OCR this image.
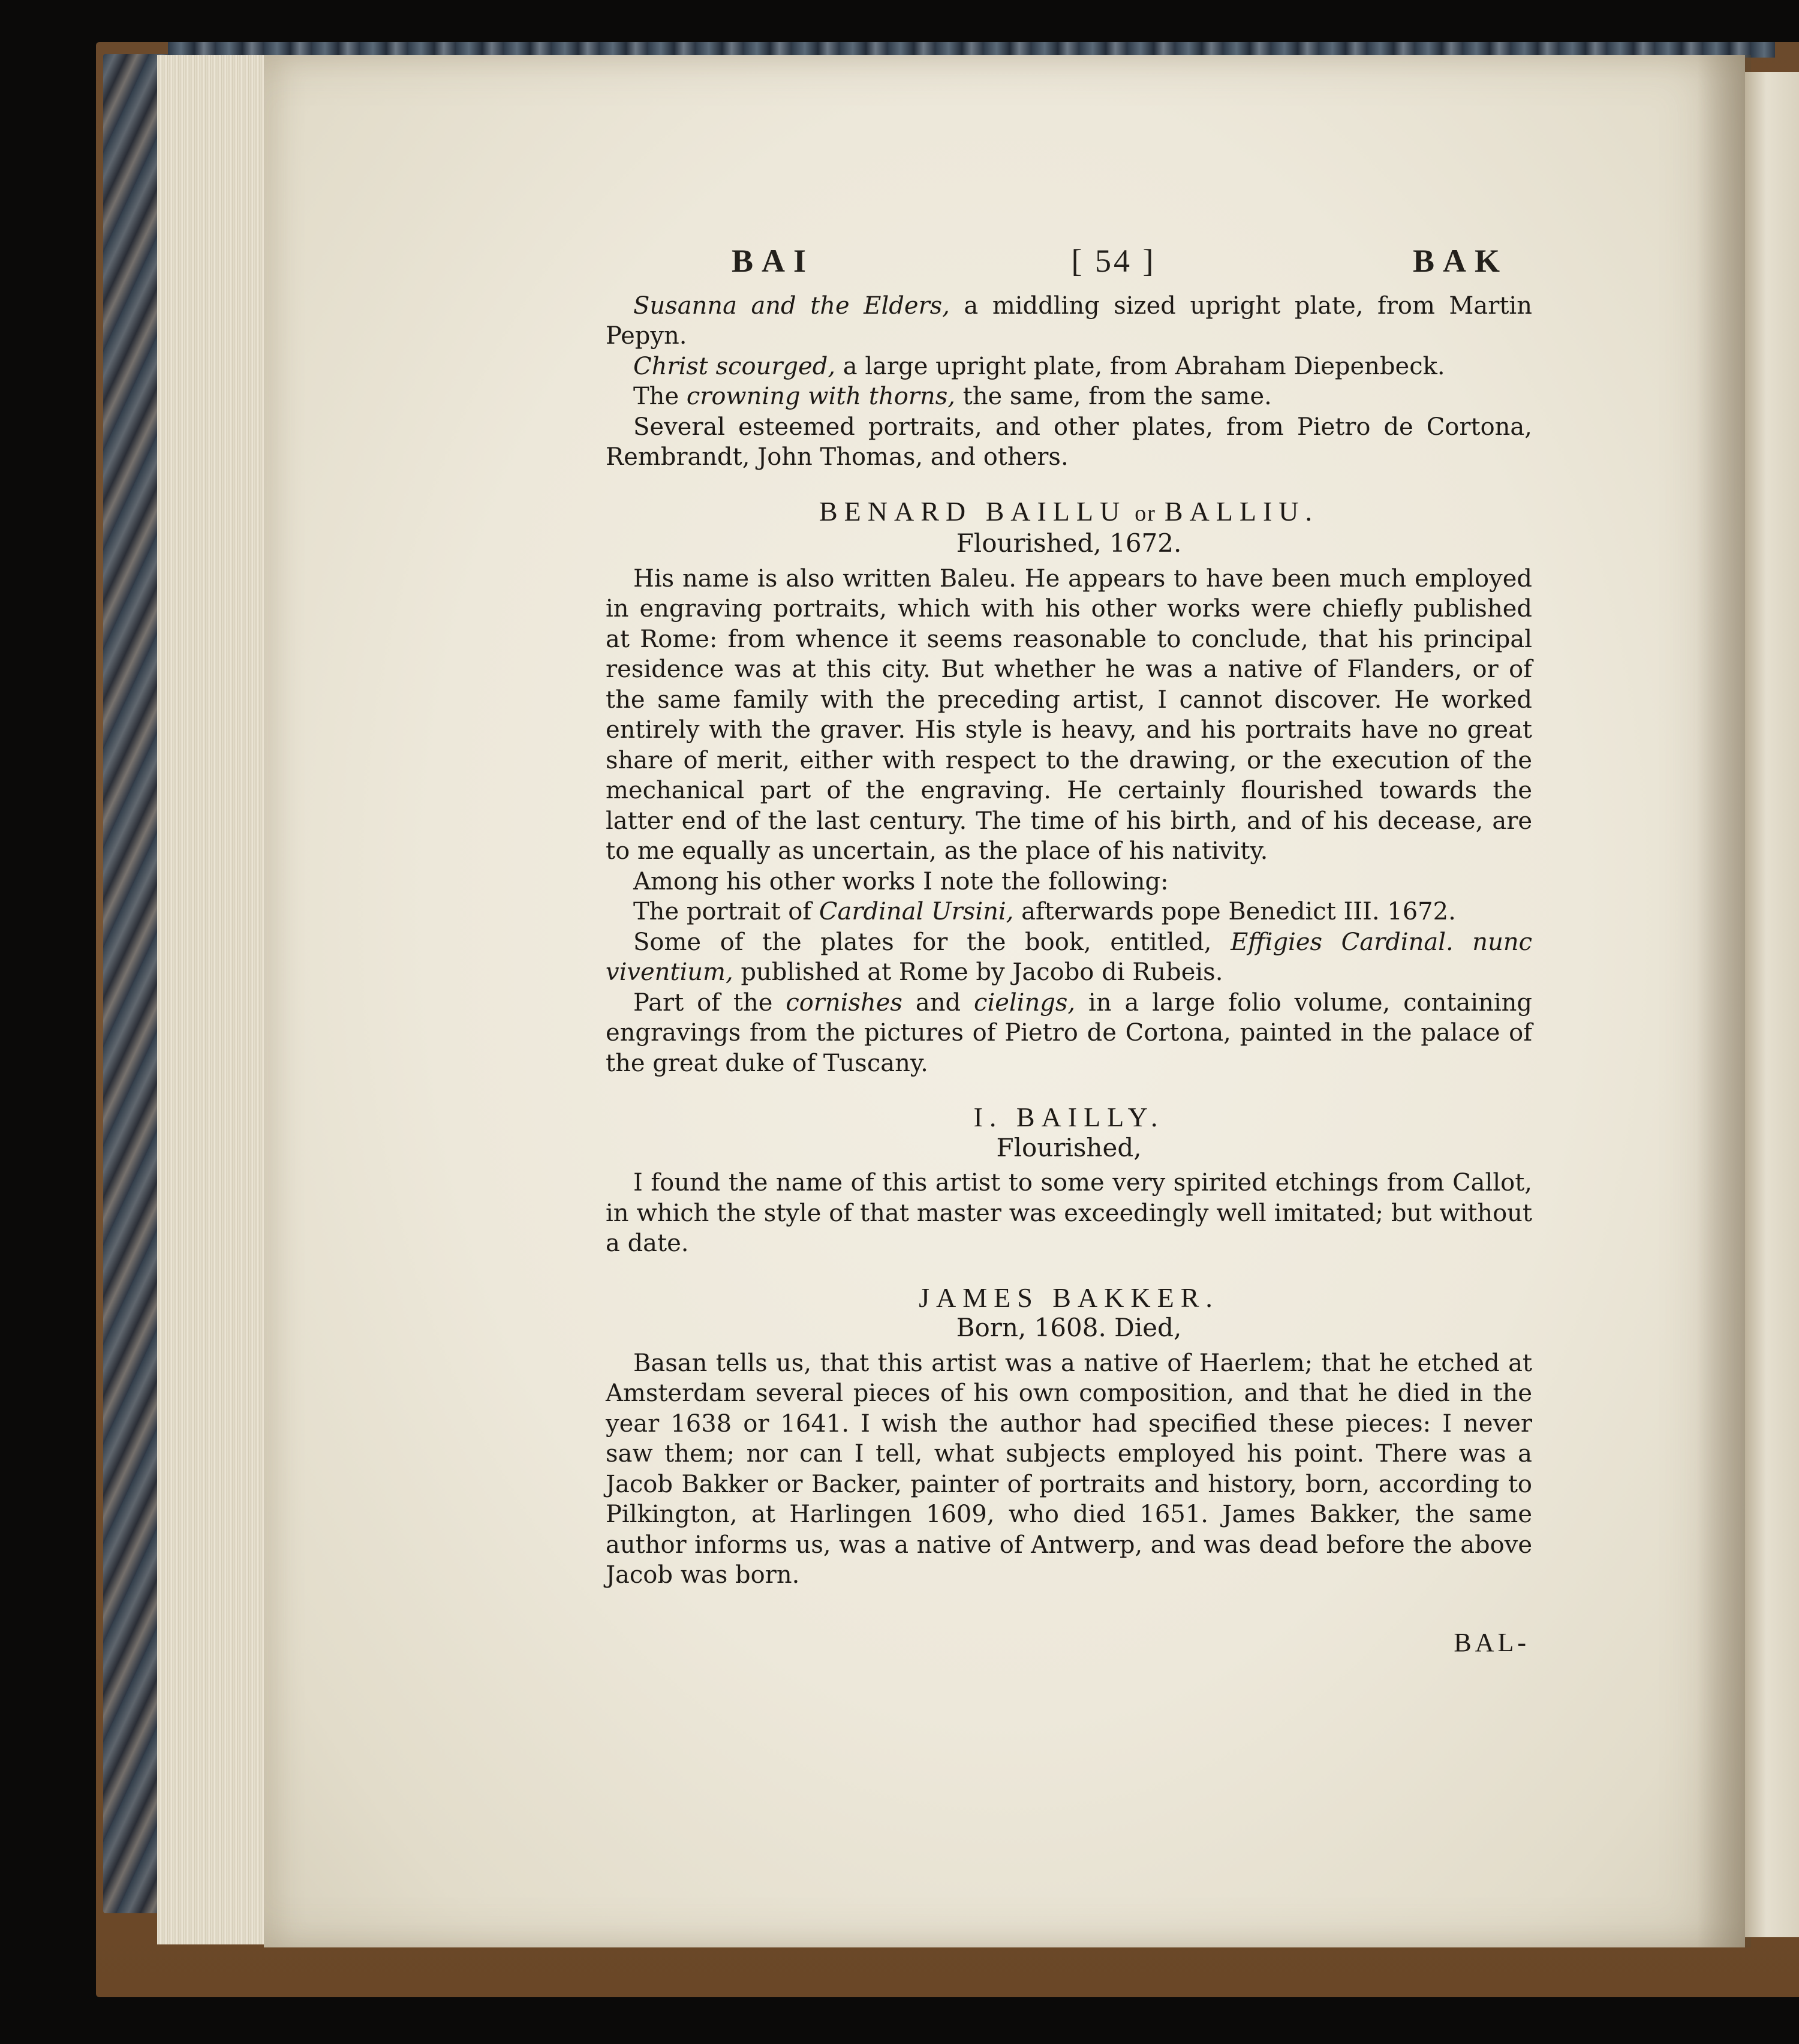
BAI	[ 54 ]	BAK

Susanna and the Elders, a middling sized upright plate, from Martin Pepyn.

Christ scourged, a large upright plate, from Abraham Diepenbeck.

The crowning with thorns, the same, from the same.

Several esteemed portraits, and other plates, from Pietro de Cortona, Rembrandt, John Thomas, and others.

BENARD BAILLU or BALLIU.
Flourished, 1672.

His name is also written Baleu. He appears to have been much employed in engraving portraits, which with his other works were chiefly published at Rome: from whence it seems reasonable to conclude, that his principal residence was at this city. But whether he was a native of Flanders, or of the same family with the preceding artist, I cannot discover. He worked entirely with the graver. His style is heavy, and his portraits have no great share of merit, either with respect to the drawing, or the execution of the mechanical part of the engraving. He certainly flourished towards the latter end of the last century. The time of his birth, and of his decease, are to me equally as uncertain, as the place of his nativity.

Among his other works I note the following:

The portrait of Cardinal Ursini, afterwards pope Benedict III. 1672.

Some of the plates for the book, entitled, Effigies Cardinal. nunc viventium, published at Rome by Jacobo di Rubeis.

Part of the cornishes and cielings, in a large folio volume, containing engravings from the pictures of Pietro de Cortona, painted in the palace of the great duke of Tuscany.

I. BAILLY.
Flourished,

I found the name of this artist to some very spirited etchings from Callot, in which the style of that master was exceedingly well imitated; but without a date.

JAMES BAKKER.
Born, 1608. Died,

Basan tells us, that this artist was a native of Haerlem; that he etched at Amsterdam several pieces of his own composition, and that he died in the year 1638 or 1641. I wish the author had specified these pieces: I never saw them; nor can I tell, what subjects employed his point. There was a Jacob Bakker or Backer, painter of portraits and history, born, according to Pilkington, at Harlingen 1609, who died 1651. James Bakker, the same author informs us, was a native of Antwerp, and was dead before the above Jacob was born.

BAL-
